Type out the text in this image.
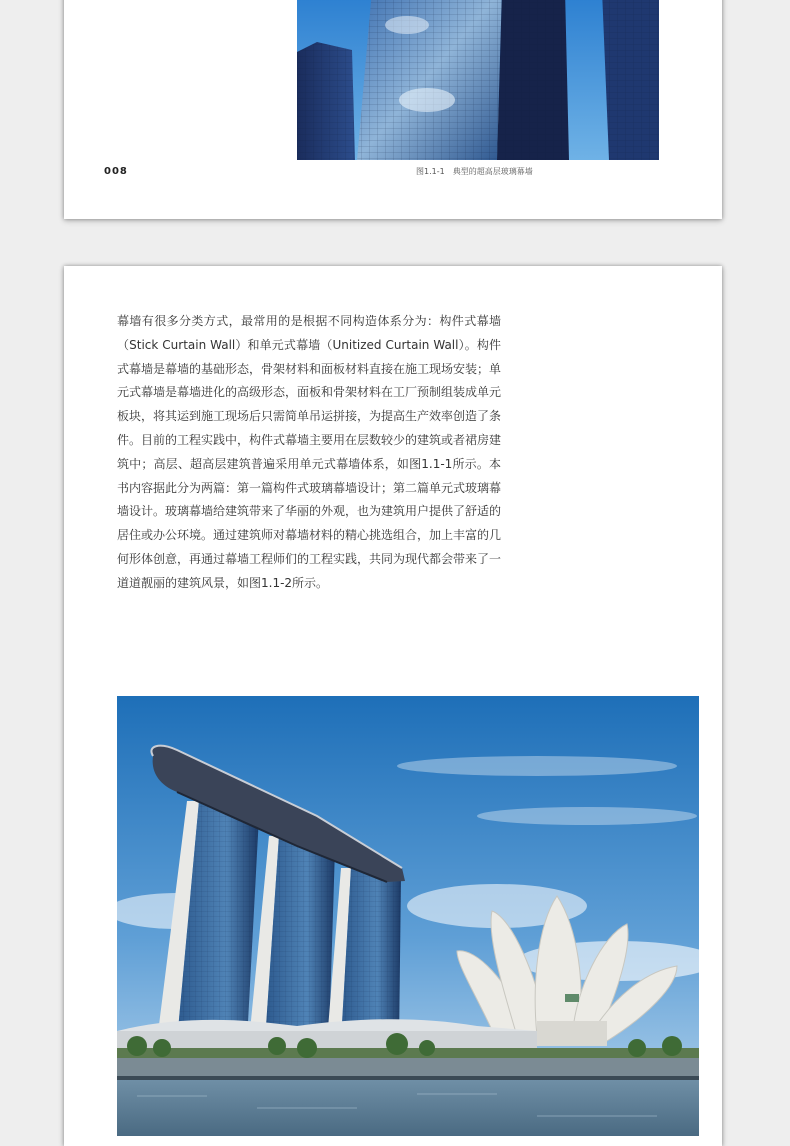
008	图1.1-1　典型的超高层玻璃幕墙

幕墙有很多分类方式，最常用的是根据不同构造体系分为：构件式幕墙（Stick Curtain Wall）和单元式幕墙（Unitized Curtain Wall）。构件式幕墙是幕墙的基础形态，骨架材料和面板材料直接在施工现场安装；单元式幕墙是幕墙进化的高级形态，面板和骨架材料在工厂预制组装成单元板块，将其运到施工现场后只需简单吊运拼接，为提高生产效率创造了条件。目前的工程实践中，构件式幕墙主要用在层数较少的建筑或者裙房建筑中；高层、超高层建筑普遍采用单元式幕墙体系，如图1.1-1所示。本书内容据此分为两篇：第一篇构件式玻璃幕墙设计；第二篇单元式玻璃幕墙设计。玻璃幕墙给建筑带来了华丽的外观，也为建筑用户提供了舒适的居住或办公环境。通过建筑师对幕墙材料的精心挑选组合，加上丰富的几何形体创意，再通过幕墙工程师们的工程实践，共同为现代都会带来了一道道靓丽的建筑风景，如图1.1-2所示。
